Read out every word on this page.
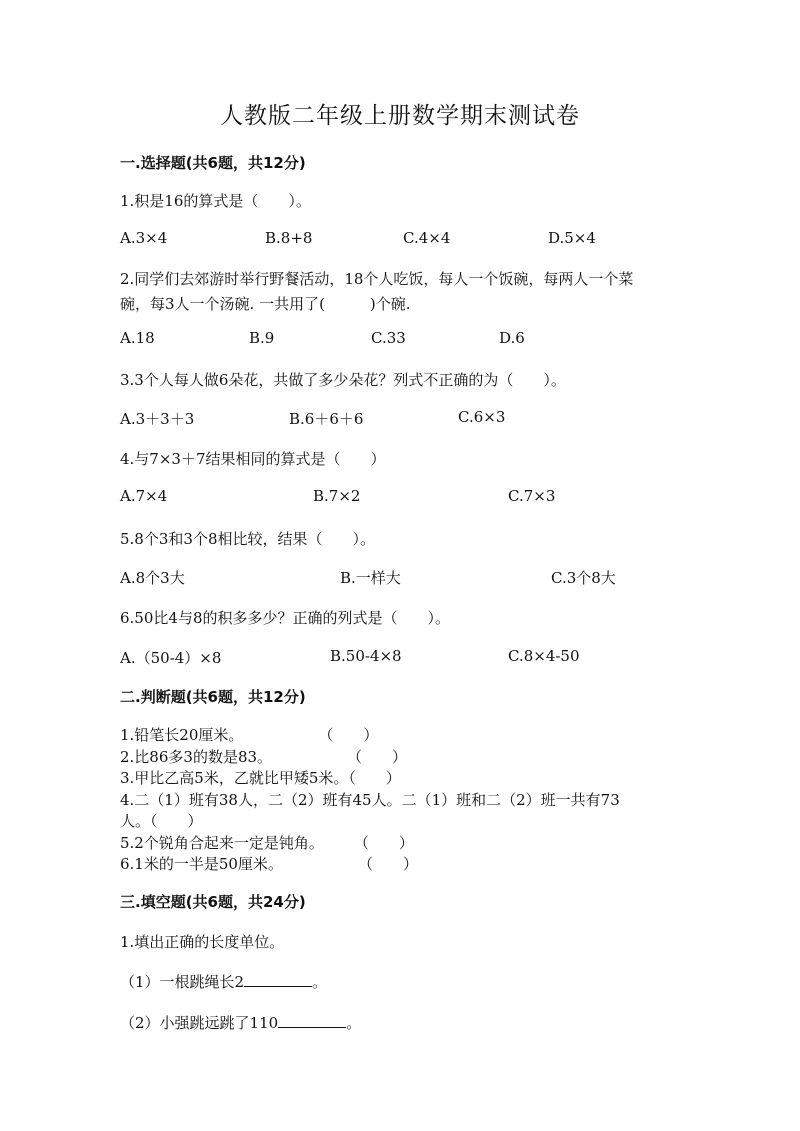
人教版二年级上册数学期末测试卷
一.选择题(共6题，共12分)
1.积是16的算式是（　　）。
A.3×4	B.8+8	C.4×4	D.5×4
2.同学们去郊游时举行野餐活动，18个人吃饭，每人一个饭碗，每两人一个菜
碗，每3人一个汤碗. 一共用了(　　　)个碗.
A.18	B.9	C.33	D.6
3.3个人每人做6朵花，共做了多少朵花？列式不正确的为（　　）。
A.3＋3＋3	B.6＋6＋6	C.6×3
4.与7×3＋7结果相同的算式是（　　）
A.7×4	B.7×2	C.7×3
5.8个3和3个8相比较，结果（　　）。
A.8个3大	B.一样大	C.3个8大
6.50比4与8的积多多少？正确的列式是（　　）。
A.（50-4）×8	B.50-4×8	C.8×4-50
二.判断题(共6题，共12分)
1.铅笔长20厘米。　　　　　　（　　）
2.比86多3的数是83。　　　　　　（　　）
3.甲比乙高5米，乙就比甲矮5米。（　　）
4.二（1）班有38人，二（2）班有45人。二（1）班和二（2）班一共有73
人。（　　）
5.2个锐角合起来一定是钝角。　　　（　　）
6.1米的一半是50厘米。　　　　　　（　　）
三.填空题(共6题，共24分)
1.填出正确的长度单位。
（1）一根跳绳长2	。
（2）小强跳远跳了110	。
